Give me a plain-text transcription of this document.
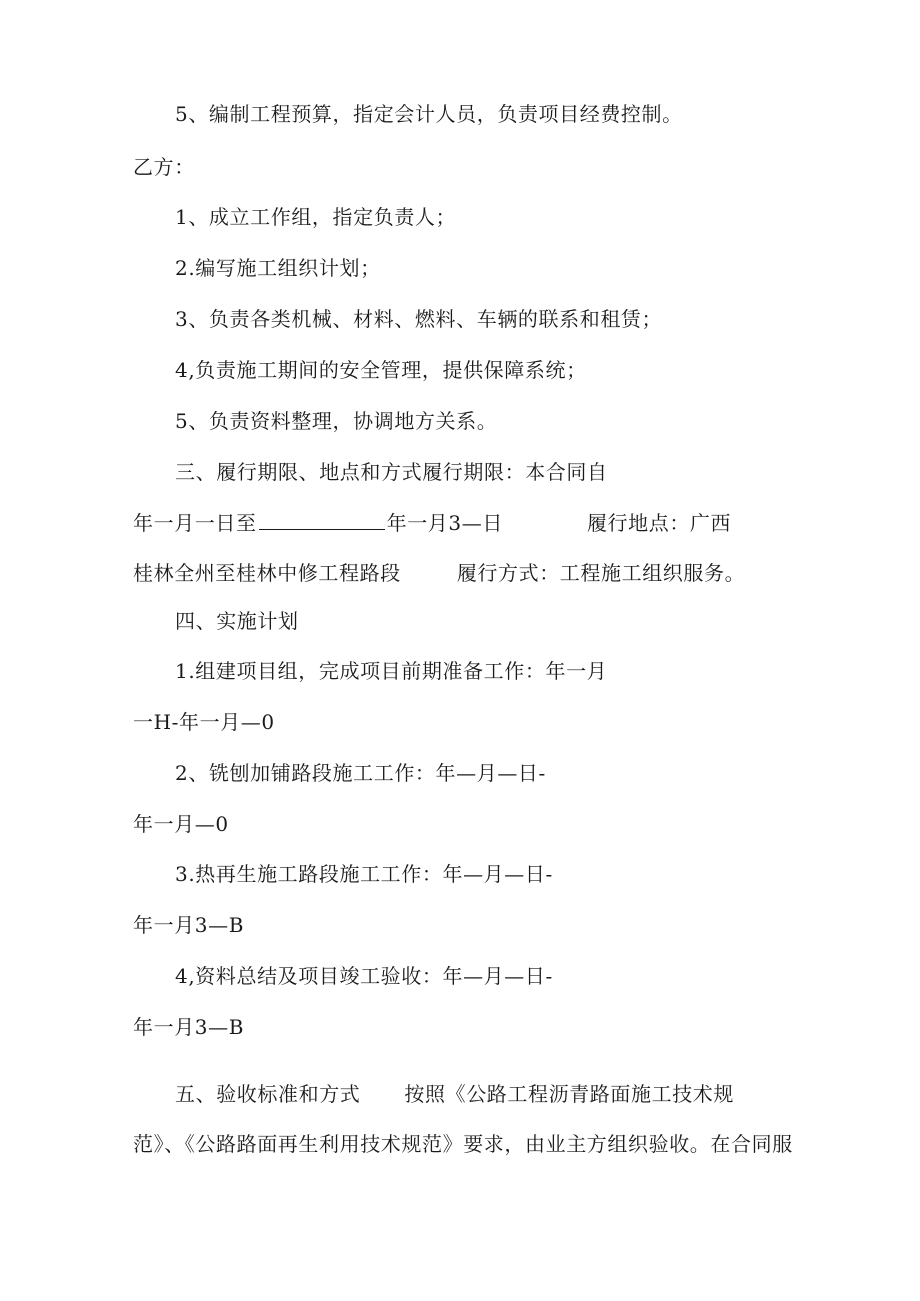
5、编制工程预算，指定会计人员，负责项目经费控制。
乙方：
1、成立工作组，指定负责人；
2.编写施工组织计划；
3、负责各类机械、材料、燃料、车辆的联系和租赁；
4,负责施工期间的安全管理，提供保障系统；
5、负责资料整理，协调地方关系。
三、履行期限、地点和方式履行期限：本合同自
年一月一日至	年一月3—日	履行地点：广西
桂林全州至桂林中修工程路段	履行方式：工程施工组织服务。
四、实施计划
1.组建项目组，完成项目前期准备工作：年一月
一H-年一月—0
2、铣刨加铺路段施工工作：年—月—日-
年一月—0
3.热再生施工路段施工工作：年—月—日-
年一月3—B
4,资料总结及项目竣工验收：年—月—日-
年一月3—B
五、验收标准和方式 按照《公路工程沥青路面施工技术规
范》、《公路路面再生利用技术规范》要求，由业主方组织验收。在合同服
